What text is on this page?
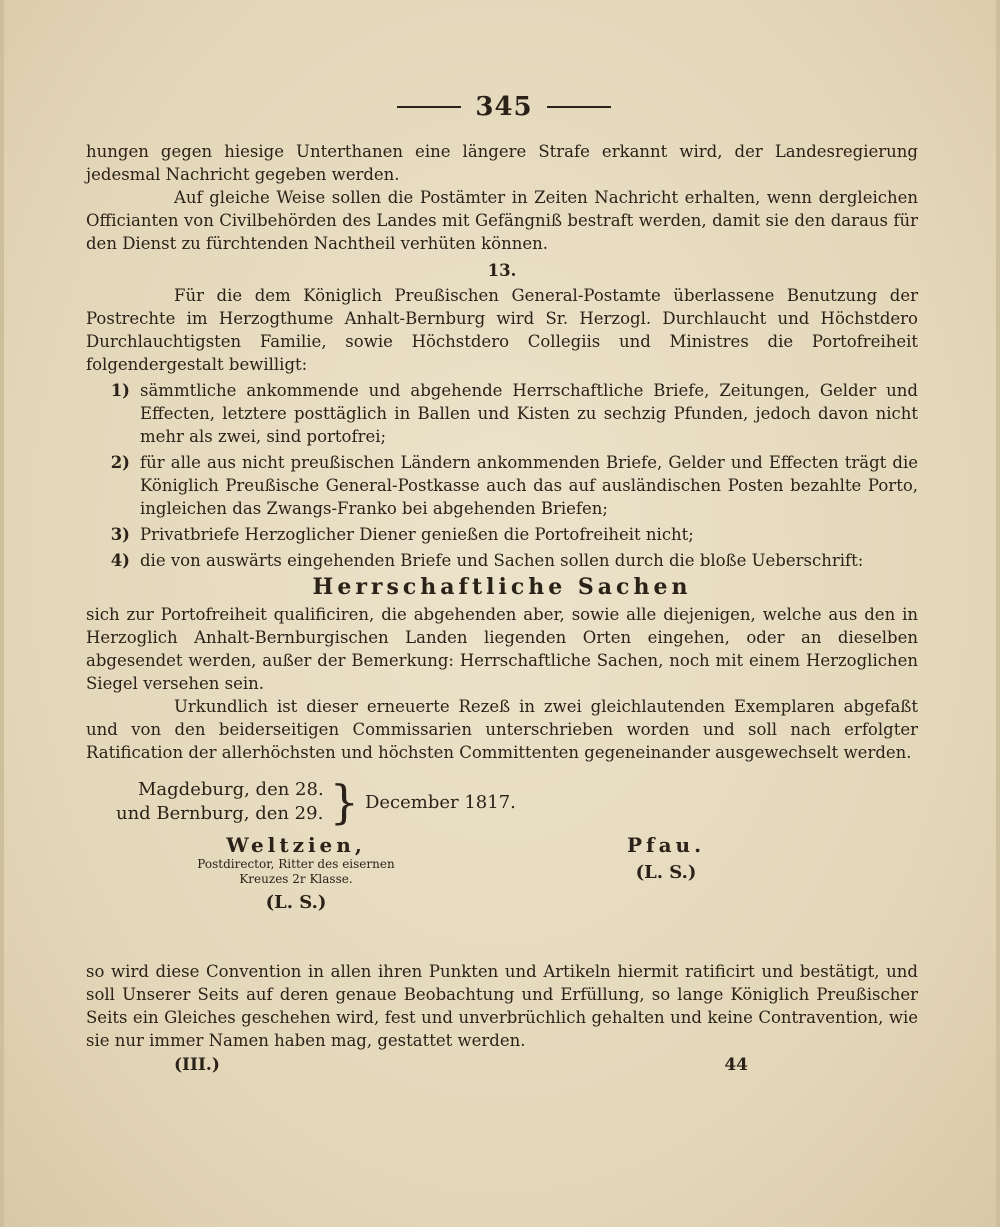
345

hungen gegen hiesige Unterthanen eine längere Strafe erkannt wird, der Landesregierung jedesmal Nachricht gegeben werden.

Auf gleiche Weise sollen die Postämter in Zeiten Nachricht erhalten, wenn dergleichen Officianten von Civilbehörden des Landes mit Gefängniß bestraft werden, damit sie den daraus für den Dienst zu fürchtenden Nachtheil verhüten können.

13.

Für die dem Königlich Preußischen General-Postamte überlassene Benutzung der Postrechte im Herzogthume Anhalt-Bernburg wird Sr. Herzogl. Durchlaucht und Höchstdero Durchlauchtigsten Familie, sowie Höchstdero Collegiis und Ministres die Portofreiheit folgendergestalt bewilligt:

1) sämmtliche ankommende und abgehende Herrschaftliche Briefe, Zeitungen, Gelder und Effecten, letztere posttäglich in Ballen und Kisten zu sechzig Pfunden, jedoch davon nicht mehr als zwei, sind portofrei;
2) für alle aus nicht preußischen Ländern ankommenden Briefe, Gelder und Effecten trägt die Königlich Preußische General-Postkasse auch das auf ausländischen Posten bezahlte Porto, ingleichen das Zwangs-Franko bei abgehenden Briefen;
3) Privatbriefe Herzoglicher Diener genießen die Portofreiheit nicht;
4) die von auswärts eingehenden Briefe und Sachen sollen durch die bloße Ueberschrift:
Herrschaftliche Sachen

sich zur Portofreiheit qualificiren, die abgehenden aber, sowie alle diejenigen, welche aus den in Herzoglich Anhalt-Bernburgischen Landen liegenden Orten eingehen, oder an dieselben abgesendet werden, außer der Bemerkung: Herrschaftliche Sachen, noch mit einem Herzoglichen Siegel versehen sein.

Urkundlich ist dieser erneuerte Rezeß in zwei gleichlautenden Exemplaren abgefaßt und von den beiderseitigen Commissarien unterschrieben worden und soll nach erfolgter Ratification der allerhöchsten und höchsten Committenten gegeneinander ausgewechselt werden.

Magdeburg, den 28.
und Bernburg, den 29. } December 1817.
Weltzien,
Postdirector, Ritter des eisernen
Kreuzes 2r Klasse.
(L. S.)
Pfau.
(L. S.)

so wird diese Convention in allen ihren Punkten und Artikeln hiermit ratificirt und bestätigt, und soll Unserer Seits auf deren genaue Beobachtung und Erfüllung, so lange Königlich Preußischer Seits ein Gleiches geschehen wird, fest und unverbrüchlich gehalten und keine Contravention, wie sie nur immer Namen haben mag, gestattet werden.

(III.)	44
